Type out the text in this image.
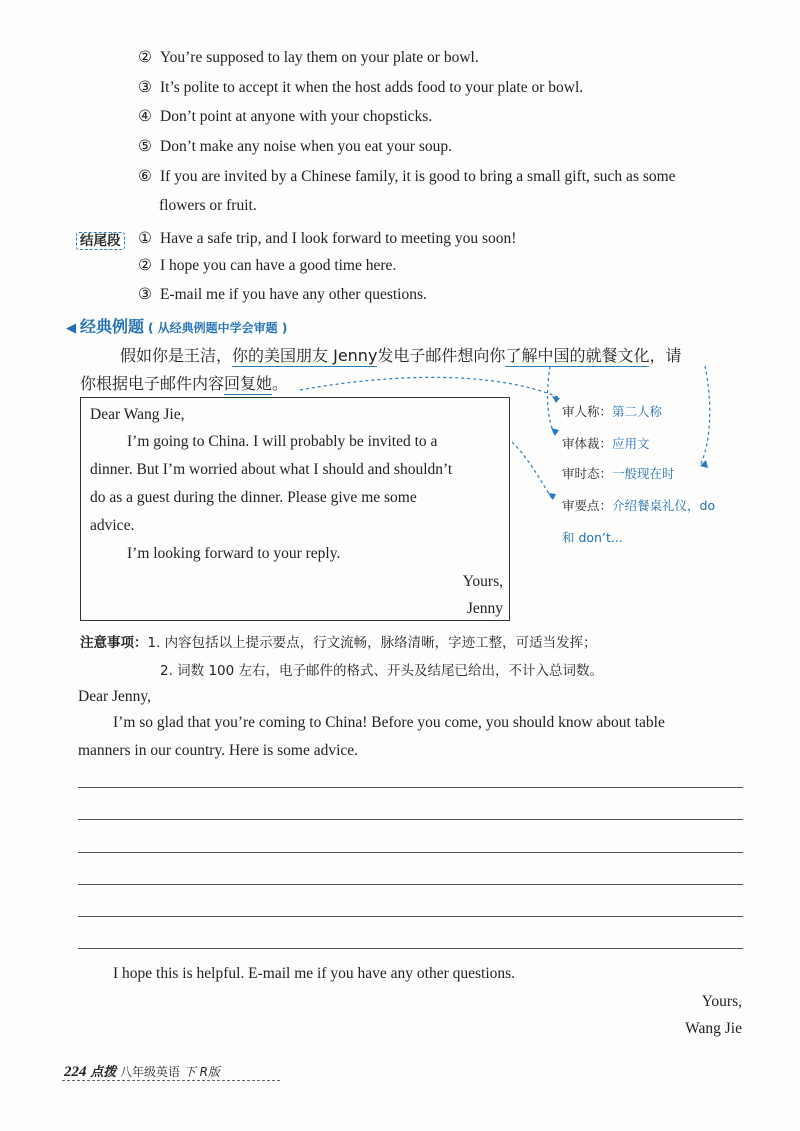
② You’re supposed to lay them on your plate or bowl.
③ It’s polite to accept it when the host adds food to your plate or bowl.
④ Don’t point at anyone with your chopsticks.
⑤ Don’t make any noise when you eat your soup.
⑥ If you are invited by a Chinese family, it is good to bring a small gift, such as some
flowers or fruit.
结尾段 ① Have a safe trip, and I look forward to meeting you soon!
② I hope you can have a good time here.
③ E-mail me if you have any other questions.
◀ 经典例题 ( 从经典例题中学会审题 )
假如你是王洁，你的美国朋友 Jenny发电子邮件想向你了解中国的就餐文化，请
你根据电子邮件内容回复她。
审人称：第二人称
审体裁：应用文
审时态：一般现在时
审要点：介绍餐桌礼仪，do
和 don’t...
Dear Wang Jie,
I’m going to China. I will probably be invited to a
dinner. But I’m worried about what I should and shouldn’t
do as a guest during the dinner. Please give me some
advice.
I’m looking forward to your reply.
Yours,
Jenny
注意事项：1. 内容包括以上提示要点，行文流畅，脉络清晰，字迹工整，可适当发挥；
2. 词数 100 左右，电子邮件的格式、开头及结尾已给出，不计入总词数。
Dear Jenny,
I’m so glad that you’re coming to China! Before you come, you should know about table
manners in our country. Here is some advice.
I hope this is helpful. E-mail me if you have any other questions.
Yours,
Wang Jie
224 点拨 八年级英语 下 R版
